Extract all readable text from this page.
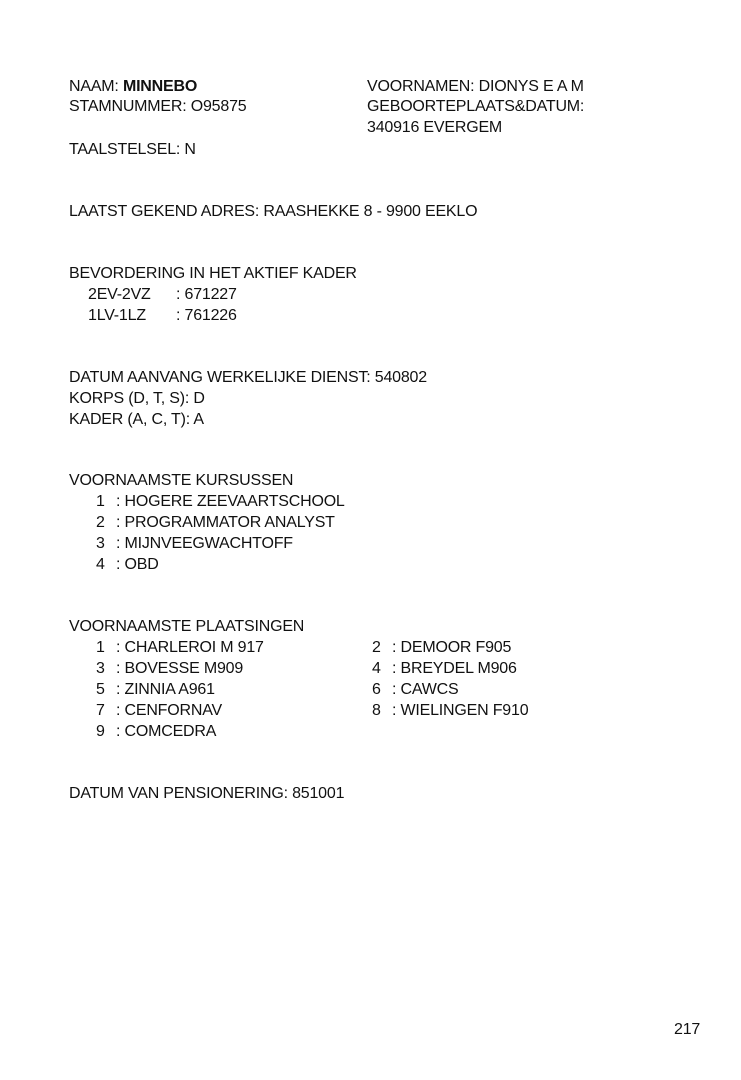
NAAM: MINNEBO
STAMNUMMER: O95875
VOORNAMEN: DIONYS E A M
GEBOORTEPLAATS&DATUM:
340916 EVERGEM
TAALSTELSEL: N
LAATST GEKEND ADRES: RAASHEKKE 8 - 9900 EEKLO
BEVORDERING IN HET AKTIEF KADER
2EV-2VZ : 671227
1LV-1LZ : 761226
DATUM AANVANG WERKELIJKE DIENST: 540802
KORPS (D, T, S): D
KADER (A, C, T): A
VOORNAAMSTE KURSUSSEN
1 : HOGERE ZEEVAARTSCHOOL
2 : PROGRAMMATOR ANALYST
3 : MIJNVEEGWACHTOFF
4 : OBD
VOORNAAMSTE PLAATSINGEN
1 : CHARLEROI M 917
3 : BOVESSE M909
5 : ZINNIA A961
7 : CENFORNAV
9 : COMCEDRA
2 : DEMOOR F905
4 : BREYDEL M906
6 : CAWCS
8 : WIELINGEN F910
DATUM VAN PENSIONERING: 851001
217
